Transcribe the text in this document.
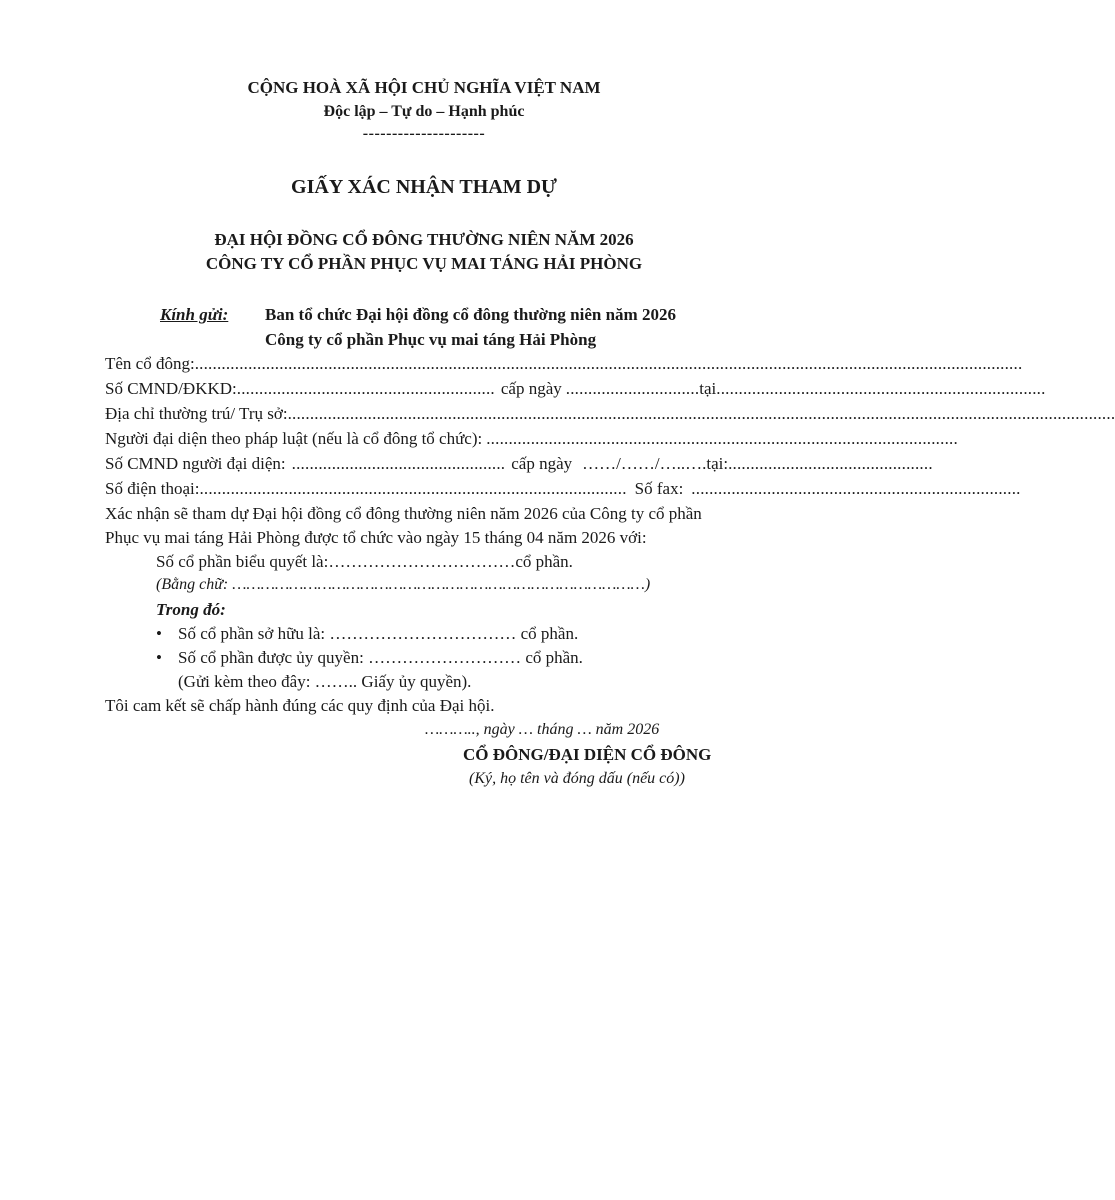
CỘNG HOÀ XÃ HỘI CHỦ NGHĨA VIỆT NAM
Độc lập – Tự do – Hạnh phúc
---------------------
GIẤY XÁC NHẬN THAM DỰ
ĐẠI HỘI ĐỒNG CỔ ĐÔNG THƯỜNG NIÊN NĂM 2026
CÔNG TY CỔ PHẦN PHỤC VỤ MAI TÁNG HẢI PHÒNG
Kính gửi: Ban tổ chức Đại hội đồng cổ đông thường niên năm 2026
Công ty cổ phần Phục vụ mai táng Hải Phòng
Tên cổ đông: ..........................................................................................................................................................................................
Số CMND/ĐKKD: .......................................................... cấp ngày .............................. tại ..........................................................................
Địa chỉ thường trú/ Trụ sở: ..........................................................................................................................................................................................
Người đại diện theo pháp luật (nếu là cổ đông tổ chức): ..........................................................................................................
Số CMND người đại diện: ................................................ cấp ngày ……/……/…..…. tại: ..............................................
Số điện thoại: ................................................................................................ Số fax: ..........................................................................
Xác nhận sẽ tham dự Đại hội đồng cổ đông thường niên năm 2026 của Công ty cổ phần
Phục vụ mai táng Hải Phòng được tổ chức vào ngày 15 tháng 04 năm 2026 với:
Số cổ phần biểu quyết là:……………………………cổ phần.
(Bằng chữ: ……………………………………………………………………………)
Trong đó:
• Số cổ phần sở hữu là: …………………………… cổ phần.
• Số cổ phần được ủy quyền: ……………………… cổ phần.
(Gửi kèm theo đây: …….. Giấy ủy quyền).
Tôi cam kết sẽ chấp hành đúng các quy định của Đại hội.
……….., ngày … tháng … năm 2026
CỔ ĐÔNG/ĐẠI DIỆN CỔ ĐÔNG
(Ký, họ tên và đóng dấu (nếu có))
